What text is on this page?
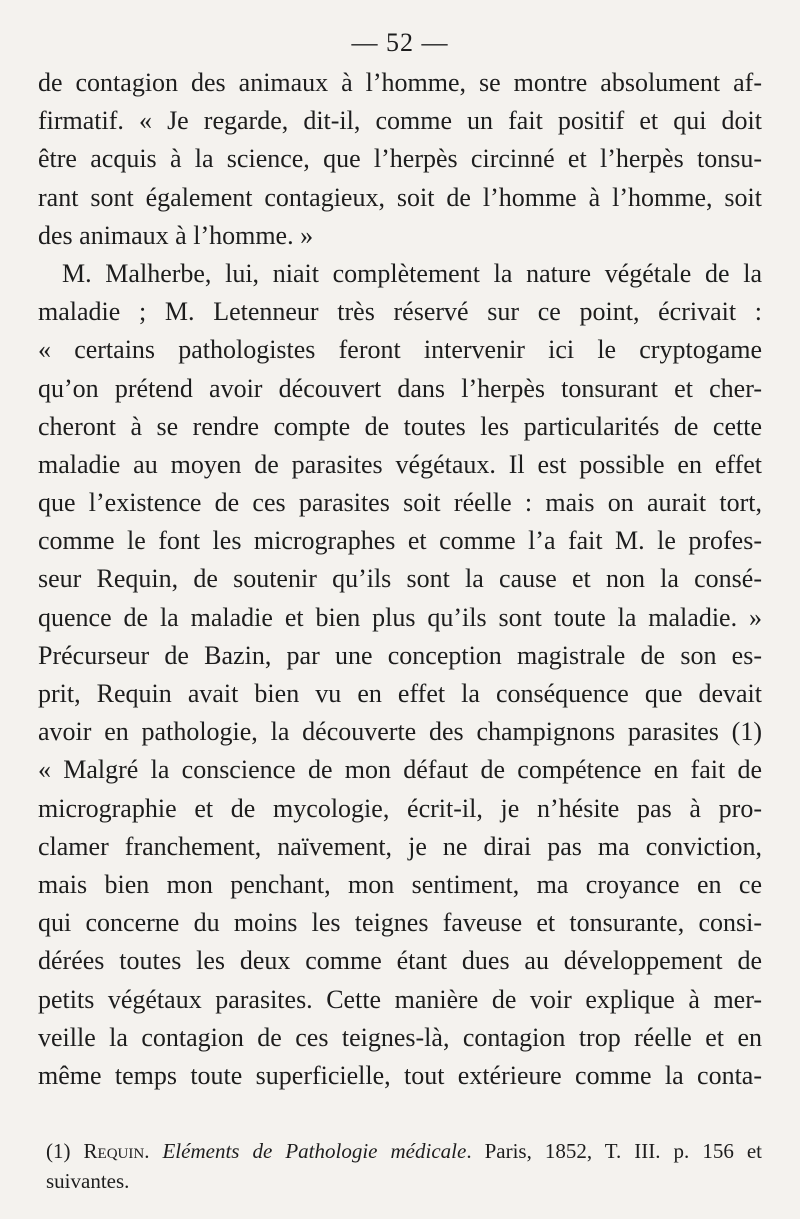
— 52 —
de contagion des animaux à l’homme, se montre absolument af-
firmatif. « Je regarde, dit-il, comme un fait positif et qui doit
être acquis à la science, que l’herpès circinné et l’herpès tonsu-
rant sont également contagieux, soit de l’homme à l’homme, soit
des animaux à l’homme. »
M. Malherbe, lui, niait complètement la nature végétale de la
maladie ; M. Letenneur très réservé sur ce point, écrivait :
« certains pathologistes feront intervenir ici le cryptogame
qu’on prétend avoir découvert dans l’herpès tonsurant et cher-
cheront à se rendre compte de toutes les particularités de cette
maladie au moyen de parasites végétaux. Il est possible en effet
que l’existence de ces parasites soit réelle : mais on aurait tort,
comme le font les micrographes et comme l’a fait M. le profes-
seur Requin, de soutenir qu’ils sont la cause et non la consé-
quence de la maladie et bien plus qu’ils sont toute la maladie. »
Précurseur de Bazin, par une conception magistrale de son es-
prit, Requin avait bien vu en effet la conséquence que devait
avoir en pathologie, la découverte des champignons parasites (1)
« Malgré la conscience de mon défaut de compétence en fait de
micrographie et de mycologie, écrit-il, je n’hésite pas à pro-
clamer franchement, naïvement, je ne dirai pas ma conviction,
mais bien mon penchant, mon sentiment, ma croyance en ce
qui concerne du moins les teignes faveuse et tonsurante, consi-
dérées toutes les deux comme étant dues au développement de
petits végétaux parasites. Cette manière de voir explique à mer-
veille la contagion de ces teignes-là, contagion trop réelle et en
même temps toute superficielle, tout extérieure comme la conta-
(1) Requin. Eléments de Pathologie médicale. Paris, 1852, T. III. p. 156 et
suivantes.
